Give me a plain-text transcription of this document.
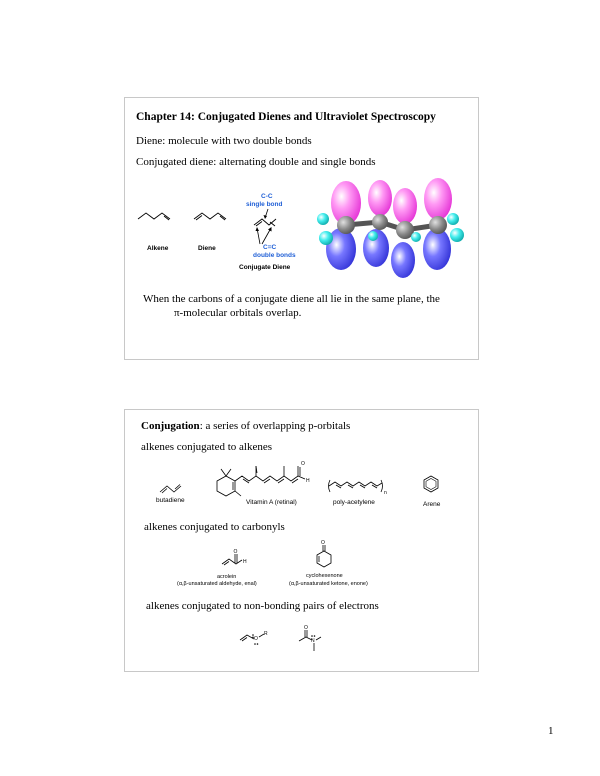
Chapter 14: Conjugated Dienes and Ultraviolet Spectroscopy
Diene: molecule with two double bonds
Conjugated diene: alternating double and single bonds
Alkene	Diene
C-C
single bond
C=C
double bonds
Conjugate Diene
When the carbons of a conjugate diene all lie in the same plane, the
π-molecular orbitals overlap.
Conjugation: a series of overlapping p-orbitals
alkenes conjugated to alkenes
butadiene
O
H
Vitamin A (retinal)
n
poly-acetylene	Arene
alkenes conjugated to carbonyls
O
H
acrolein
(α,β-unsaturated aldehyde, enal)
O
cyclohexenone
(α,β-unsaturated ketone, enone)
alkenes conjugated to non-bonding pairs of electrons
O
R
O
N
1
